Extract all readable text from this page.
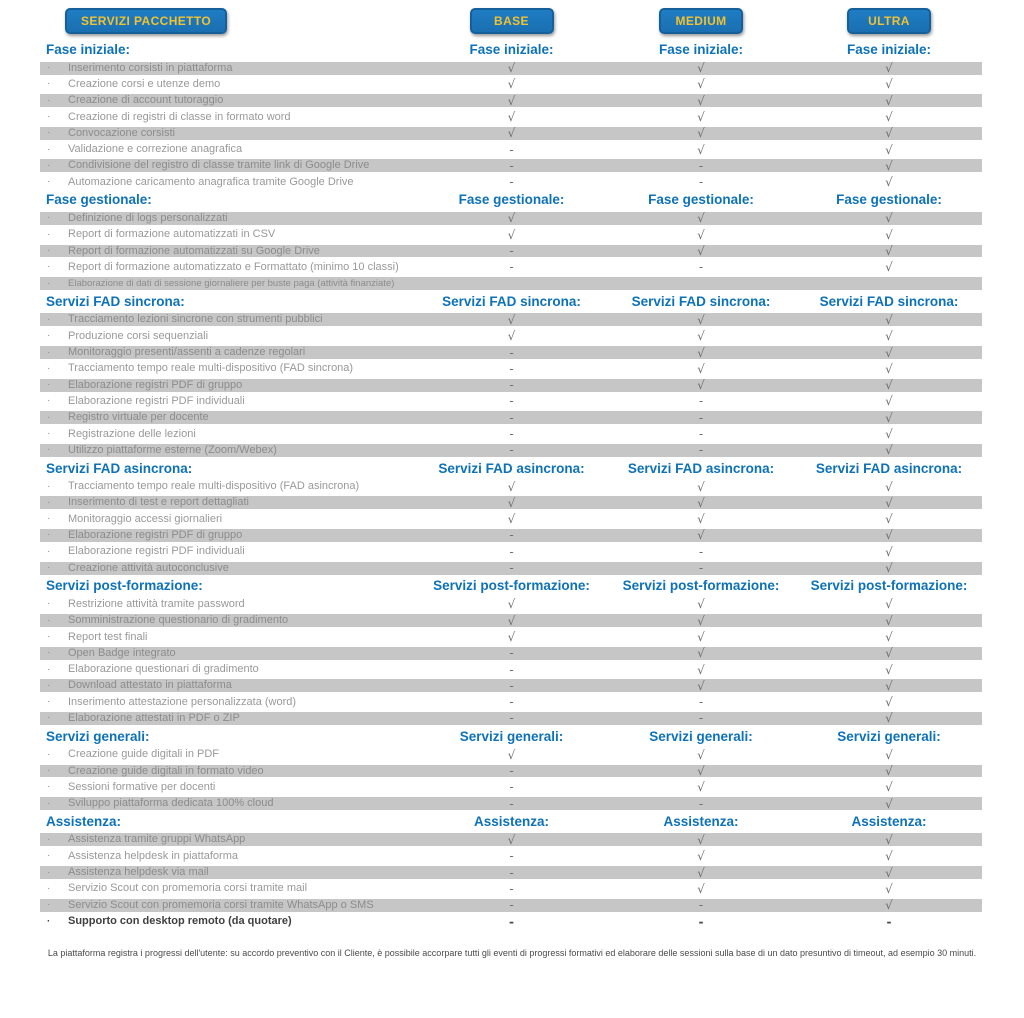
SERVIZI PACCHETTO	BASE	MEDIUM	ULTRA
Fase iniziale:	Fase iniziale:	Fase iniziale:	Fase iniziale:
·	Inserimento corsisti in piattaforma	√	√	√
·	Creazione corsi e utenze demo	√	√	√
·	Creazione di account tutoraggio	√	√	√
·	Creazione di registri di classe in formato word	√	√	√
·	Convocazione corsisti	√	√	√
·	Validazione e correzione anagrafica	-	√	√
·	Condivisione del registro di classe tramite link di Google Drive	-	-	√
·	Automazione caricamento anagrafica tramite Google Drive	-	-	√
Fase gestionale:	Fase gestionale:	Fase gestionale:	Fase gestionale:
·	Definizione di logs personalizzati	√	√	√
·	Report di formazione automatizzati in CSV	√	√	√
·	Report di formazione automatizzati su Google Drive	-	√	√
·	Report di formazione automatizzato e Formattato (minimo 10 classi)	-	-	√
·	Elaborazione di dati di sessione giornaliere per buste paga (attività finanziate)
Servizi FAD sincrona:	Servizi FAD sincrona:	Servizi FAD sincrona:	Servizi FAD sincrona:
·	Tracciamento lezioni sincrone con strumenti pubblici	√	√	√
·	Produzione corsi sequenziali	√	√	√
·	Monitoraggio presenti/assenti a cadenze regolari	-	√	√
·	Tracciamento tempo reale multi-dispositivo (FAD sincrona)	-	√	√
·	Elaborazione registri PDF di gruppo	-	√	√
·	Elaborazione registri PDF individuali	-	-	√
·	Registro virtuale per docente	-	-	√
·	Registrazione delle lezioni	-	-	√
·	Utilizzo piattaforme esterne (Zoom/Webex)	-	-	√
Servizi FAD asincrona:	Servizi FAD asincrona:	Servizi FAD asincrona:	Servizi FAD asincrona:
·	Tracciamento tempo reale multi-dispositivo (FAD asincrona)	√	√	√
·	Inserimento di test e report dettagliati	√	√	√
·	Monitoraggio accessi giornalieri	√	√	√
·	Elaborazione registri PDF di gruppo	-	√	√
·	Elaborazione registri PDF individuali	-	-	√
·	Creazione attività autoconclusive	-	-	√
Servizi post-formazione:	Servizi post-formazione:	Servizi post-formazione:	Servizi post-formazione:
·	Restrizione attività tramite password	√	√	√
·	Somministrazione questionario di gradimento	√	√	√
·	Report test finali	√	√	√
·	Open Badge integrato	-	√	√
·	Elaborazione questionari di gradimento	-	√	√
·	Download attestato in piattaforma	-	√	√
·	Inserimento attestazione personalizzata (word)	-	-	√
·	Elaborazione attestati in PDF o ZIP	-	-	√
Servizi generali:	Servizi generali:	Servizi generali:	Servizi generali:
·	Creazione guide digitali in PDF	√	√	√
·	Creazione guide digitali in formato video	-	√	√
·	Sessioni formative per docenti	-	√	√
·	Sviluppo piattaforma dedicata 100% cloud	-	-	√
Assistenza:	Assistenza:	Assistenza:	Assistenza:
·	Assistenza tramite gruppi WhatsApp	√	√	√
·	Assistenza helpdesk in piattaforma	-	√	√
·	Assistenza helpdesk via mail	-	√	√
·	Servizio Scout con promemoria corsi tramite mail	-	√	√
·	Servizio Scout con promemoria corsi tramite WhatsApp o SMS	-	-	√
·	Supporto con desktop remoto (da quotare)	-	-	-
La piattaforma registra i progressi dell'utente: su accordo preventivo con il Cliente, è possibile accorpare tutti gli eventi di progressi formativi ed elaborare delle sessioni sulla base di un dato presuntivo di timeout, ad esempio 30 minuti.
